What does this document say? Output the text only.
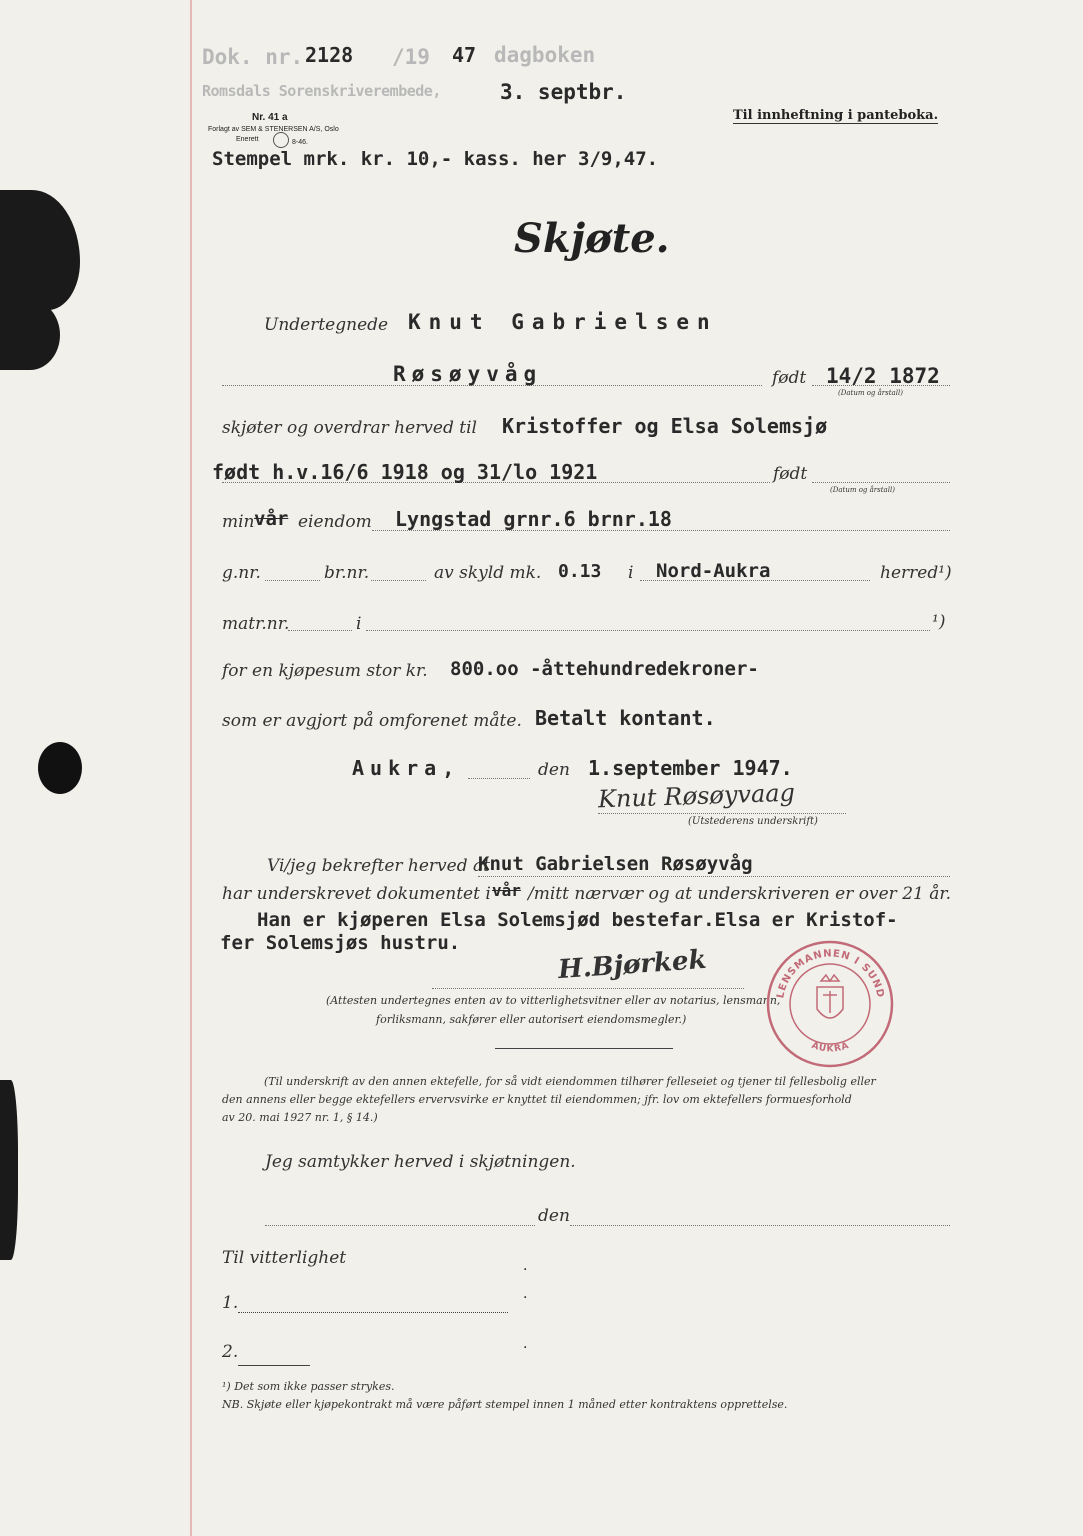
Dok. nr. 2128 /19 47 dagboken
Romsdals Sorenskriverembede,	3. septbr.
Nr. 41 a
Forlagt av SEM & STENERSEN A/S, Oslo
Enerett	8-46.
Til innheftning i panteboka.
Stempel mrk. kr. 10,- kass. her 3/9,47.
Skjøte.
Undertegnede Knut Gabrielsen
Røsøyvåg	født 14/2 1872
(Datum og årstall)
skjøter og overdrar herved til Kristoffer og Elsa Solemsjø
født h.v.16/6 1918 og 31/lo 1921	født
(Datum og årstall)
min vår eiendom Lyngstad grnr.6 brnr.18
g.nr.	br.nr.	av skyld mk. 0.13 i Nord-Aukra	herred¹)
matr.nr.	i	¹)
for en kjøpesum stor kr. 800.oo -åttehundredekroner-
som er avgjort på omforenet måte. Betalt kontant.
Aukra,	den 1.september 1947.
Knut Røsøyvaag
(Utstederens underskrift)
Vi/jeg bekrefter herved at
Knut Gabrielsen Røsøyvåg
har underskrevet dokumentet i vår /mitt nærvær og at underskriveren er over 21 år.
Han er kjøperen Elsa Solemsjød bestefar.Elsa er Kristof-
fer Solemsjøs hustru.
H.Bjørkek
(Attesten undertegnes enten av to vitterlighetsvitner eller av notarius, lensmann,
forliksmann, sakfører eller autorisert eiendomsmegler.)
LENSMANNEN I SUND
AUKRA
(Til underskrift av den annen ektefelle, for så vidt eiendommen tilhører felleseiet og tjener til fellesbolig eller
den annens eller begge ektefellers ervervsvirke er knyttet til eiendommen; jfr. lov om ektefellers formuesforhold
av 20. mai 1927 nr. 1, § 14.)
Jeg samtykker herved i skjøtningen.
den
Til vitterlighet
·
1.	·
2.	·
¹) Det som ikke passer strykes.
NB. Skjøte eller kjøpekontrakt må være påført stempel innen 1 måned etter kontraktens opprettelse.
